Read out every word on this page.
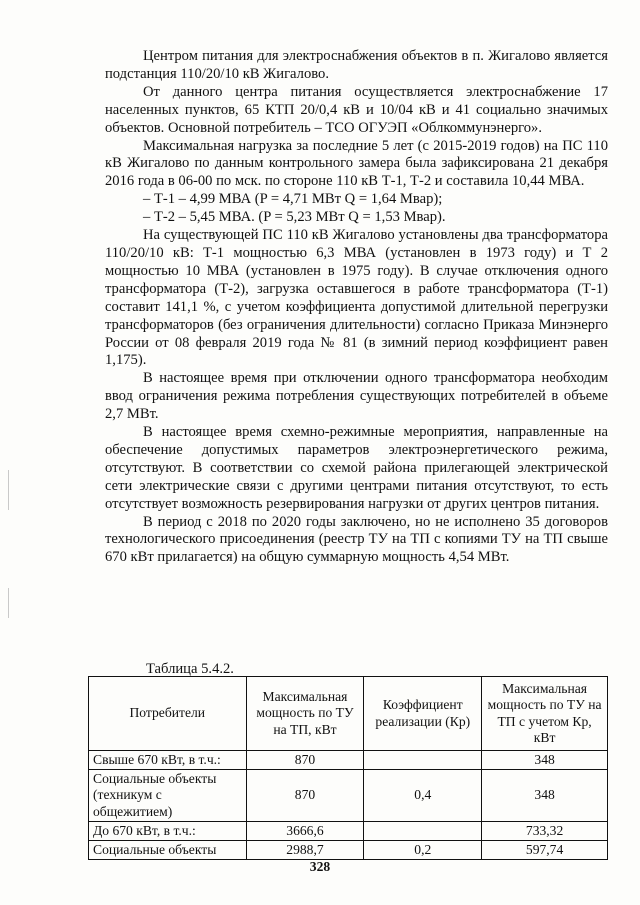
Центром питания для электроснабжения объектов в п. Жигалово является подстанция 110/20/10 кВ Жигалово.

От данного центра питания осуществляется электроснабжение 17 населенных пунктов, 65 КТП 20/0,4 кВ и 10/04 кВ и 41 социально значимых объектов. Основной потребитель – ТСО ОГУЭП «Облкоммунэнерго».

Максимальная нагрузка за последние 5 лет (с 2015-2019 годов) на ПС 110 кВ Жигалово по данным контрольного замера была зафиксирована 21 декабря 2016 года в 06-00 по мск. по стороне 110 кВ Т-1, Т-2 и составила 10,44 МВА.

– Т-1 – 4,99 МВА (P = 4,71 МВт Q = 1,64 Мвар);

– Т-2 – 5,45 МВА. (P = 5,23 МВт Q = 1,53 Мвар).

На существующей ПС 110 кВ Жигалово установлены два трансформатора 110/20/10 кВ: Т-1 мощностью 6,3 МВА (установлен в 1973 году) и Т 2 мощностью 10 МВА (установлен в 1975 году). В случае отключения одного трансформатора (Т-2), загрузка оставшегося в работе трансформатора (Т-1) составит 141,1 %, с учетом коэффициента допустимой длительной перегрузки трансформаторов (без ограничения длительности) согласно Приказа Минэнерго России от 08 февраля 2019 года № 81 (в зимний период коэффициент равен 1,175).

В настоящее время при отключении одного трансформатора необходим ввод ограничения режима потребления существующих потребителей в объеме 2,7 МВт.

В настоящее время схемно-режимные мероприятия, направленные на обеспечение допустимых параметров электроэнергетического режима, отсутствуют. В соответствии со схемой района прилегающей электрической сети электрические связи с другими центрами питания отсутствуют, то есть отсутствует возможность резервирования нагрузки от других центров питания.

В период с 2018 по 2020 годы заключено, но не исполнено 35 договоров технологического присоединения (реестр ТУ на ТП с копиями ТУ на ТП свыше 670 кВт прилагается) на общую суммарную мощность 4,54 МВт.

Таблица 5.4.2.
Потребители	Максимальная мощность по ТУ на ТП, кВт	Коэффициент реализации (Кр)	Максимальная мощность по ТУ на ТП с учетом Кр, кВт
Свыше 670 кВт, в т.ч.:	870		348
Социальные объекты (техникум с общежитием)	870	0,4	348
До 670 кВт, в т.ч.:	3666,6		733,32
Социальные объекты	2988,7	0,2	597,74
328
